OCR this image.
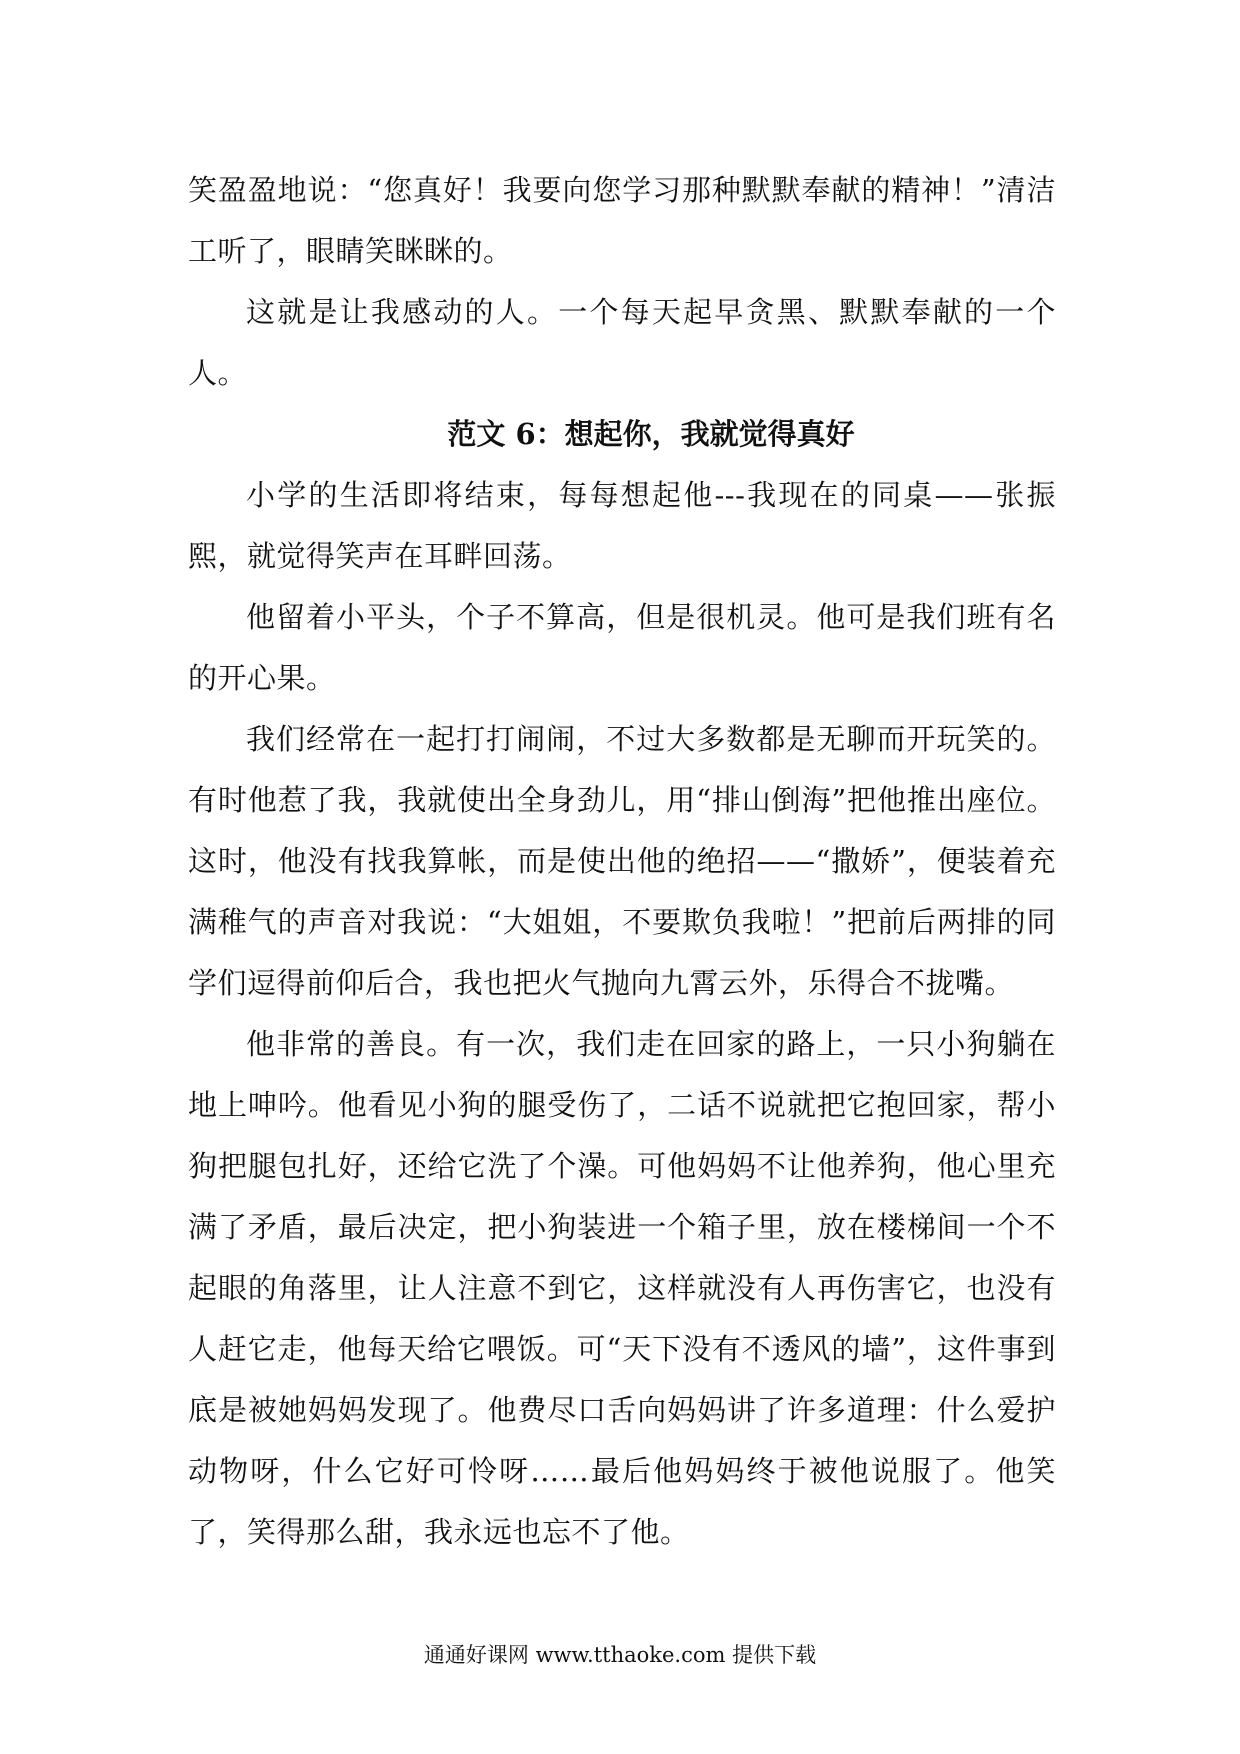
笑盈盈地说：“您真好！我要向您学习那种默默奉献的精神！”清洁工听了，眼睛笑眯眯的。

这就是让我感动的人。一个每天起早贪黑、默默奉献的一个人。

范文 6：想起你，我就觉得真好

小学的生活即将结束，每每想起他---我现在的同桌——张振熙，就觉得笑声在耳畔回荡。

他留着小平头，个子不算高，但是很机灵。他可是我们班有名的开心果。

我们经常在一起打打闹闹，不过大多数都是无聊而开玩笑的。有时他惹了我，我就使出全身劲儿，用“排山倒海”把他推出座位。这时，他没有找我算帐，而是使出他的绝招——“撒娇”，便装着充满稚气的声音对我说：“大姐姐，不要欺负我啦！”把前后两排的同学们逗得前仰后合，我也把火气抛向九霄云外，乐得合不拢嘴。

他非常的善良。有一次，我们走在回家的路上，一只小狗躺在地上呻吟。他看见小狗的腿受伤了，二话不说就把它抱回家，帮小狗把腿包扎好，还给它洗了个澡。可他妈妈不让他养狗，他心里充满了矛盾，最后决定，把小狗装进一个箱子里，放在楼梯间一个不起眼的角落里，让人注意不到它，这样就没有人再伤害它，也没有人赶它走，他每天给它喂饭。可“天下没有不透风的墙”，这件事到底是被她妈妈发现了。他费尽口舌向妈妈讲了许多道理：什么爱护动物呀，什么它好可怜呀……最后他妈妈终于被他说服了。他笑了，笑得那么甜，我永远也忘不了他。

通通好课网 www.tthaoke.com 提供下载
